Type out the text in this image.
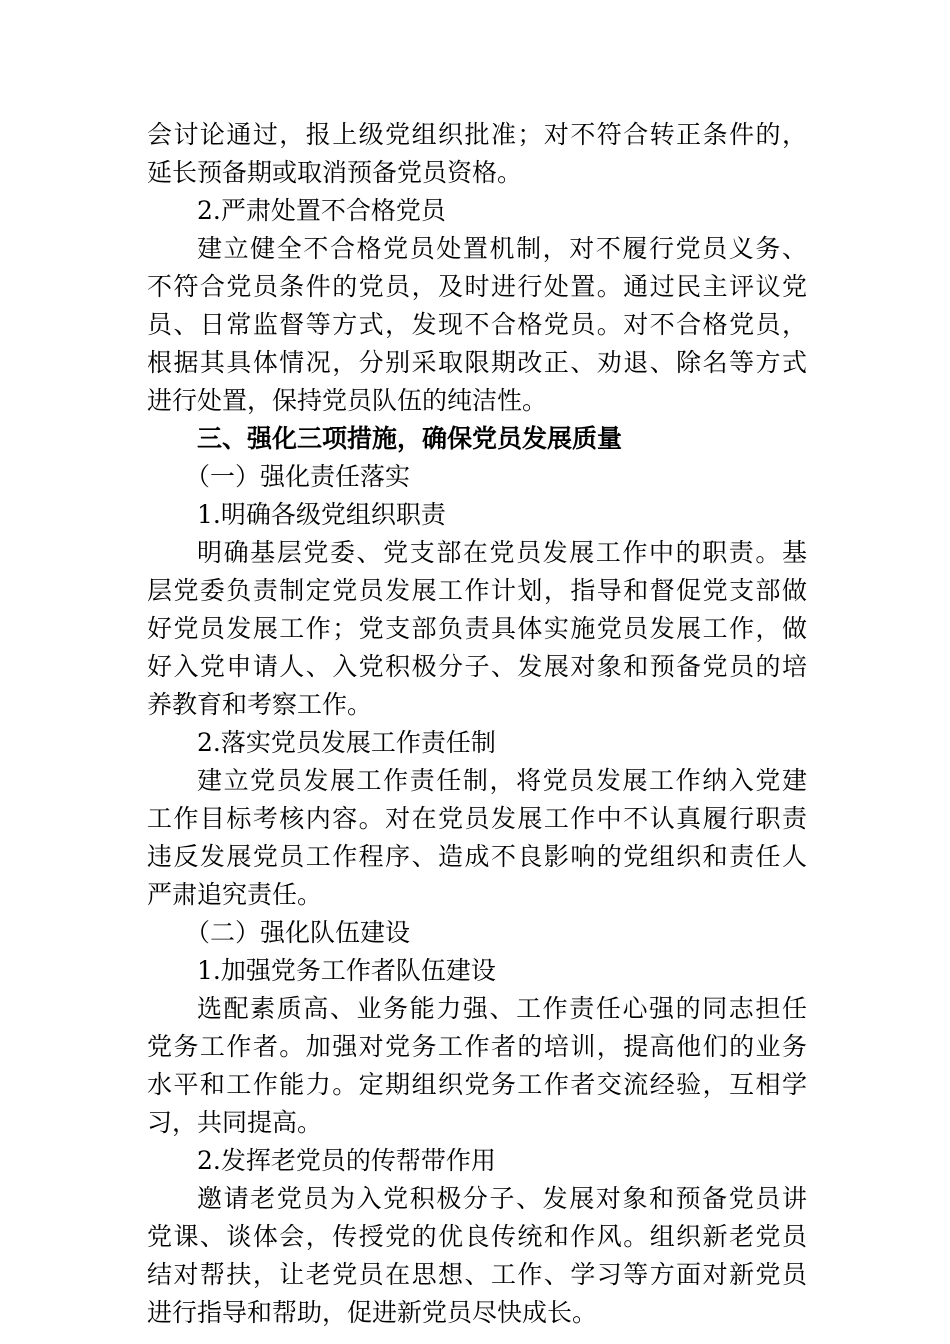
会讨论通过，报上级党组织批准；对不符合转正条件的，
延长预备期或取消预备党员资格。
2.严肃处置不合格党员
建立健全不合格党员处置机制，对不履行党员义务、
不符合党员条件的党员，及时进行处置。通过民主评议党
员、日常监督等方式，发现不合格党员。对不合格党员，
根据其具体情况，分别采取限期改正、劝退、除名等方式
进行处置，保持党员队伍的纯洁性。
三、强化三项措施，确保党员发展质量
（一）强化责任落实
1.明确各级党组织职责
明确基层党委、党支部在党员发展工作中的职责。基
层党委负责制定党员发展工作计划，指导和督促党支部做
好党员发展工作；党支部负责具体实施党员发展工作，做
好入党申请人、入党积极分子、发展对象和预备党员的培
养教育和考察工作。
2.落实党员发展工作责任制
建立党员发展工作责任制，将党员发展工作纳入党建
工作目标考核内容。对在党员发展工作中不认真履行职责
违反发展党员工作程序、造成不良影响的党组织和责任人
严肃追究责任。
（二）强化队伍建设
1.加强党务工作者队伍建设
选配素质高、业务能力强、工作责任心强的同志担任
党务工作者。加强对党务工作者的培训，提高他们的业务
水平和工作能力。定期组织党务工作者交流经验，互相学
习，共同提高。
2.发挥老党员的传帮带作用
邀请老党员为入党积极分子、发展对象和预备党员讲
党课、谈体会，传授党的优良传统和作风。组织新老党员
结对帮扶，让老党员在思想、工作、学习等方面对新党员
进行指导和帮助，促进新党员尽快成长。
